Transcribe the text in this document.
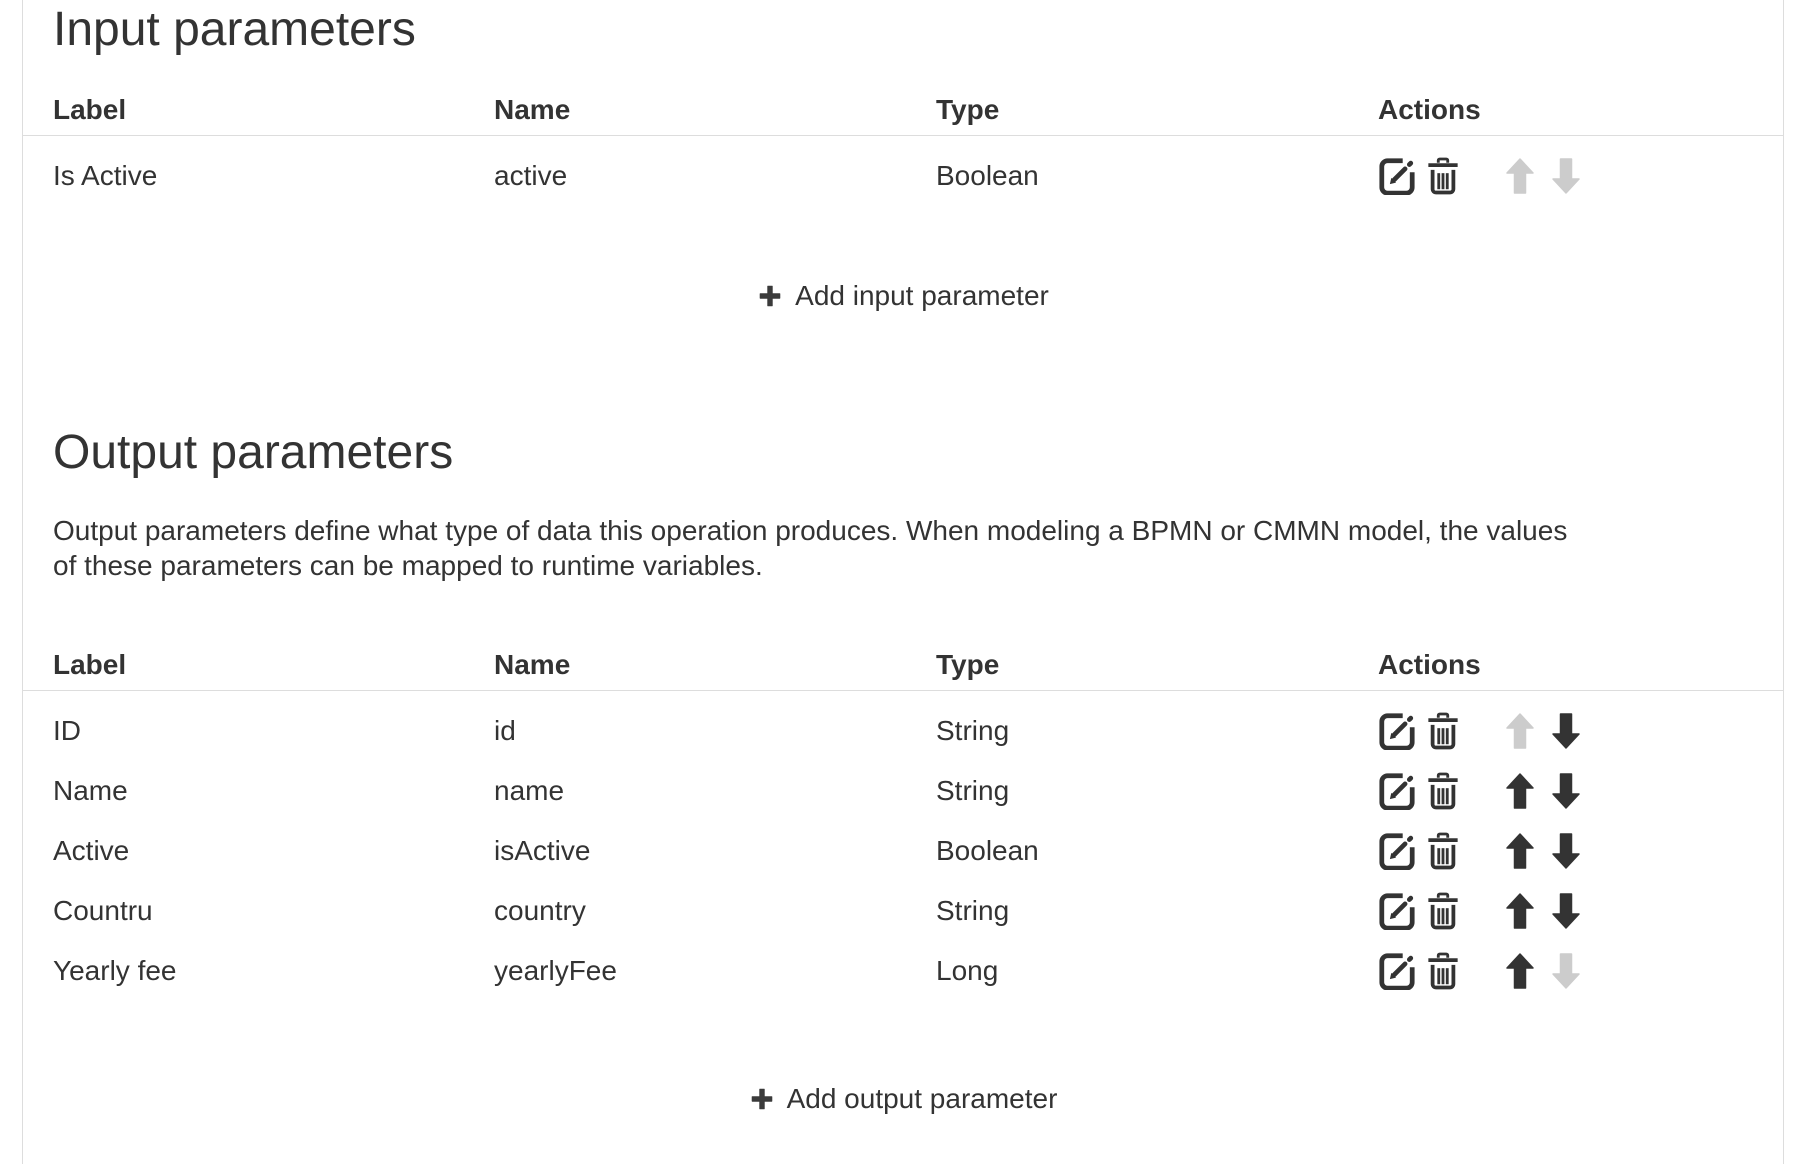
Input parameters
Label	Name	Type	Actions
Is Active	active	Boolean
Add input parameter
Output parameters

Output parameters define what type of data this operation produces. When modeling a BPMN or CMMN model, the values
of these parameters can be mapped to runtime variables.

Label	Name	Type	Actions
ID	id	String
Name	name	String
Active	isActive	Boolean
Countru	country	String
Yearly fee	yearlyFee	Long
Add output parameter
